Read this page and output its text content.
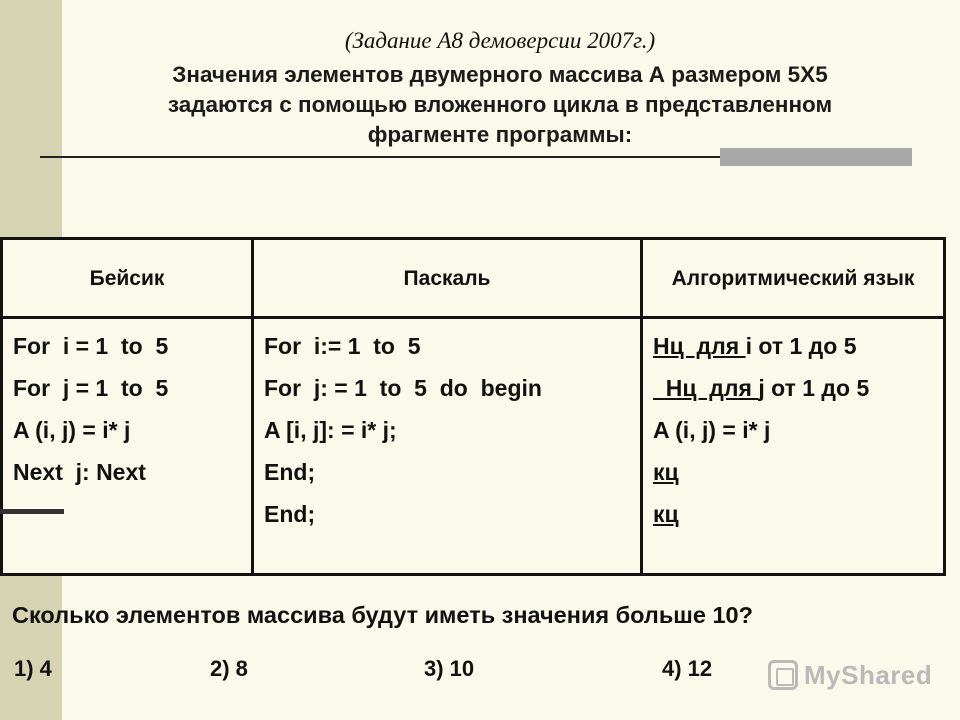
(Задание А8 демоверсии 2007г.)

Значения элементов двумерного массива А размером 5Х5

задаются с помощью вложенного цикла в представленном

фрагменте программы:

Бейсик	Паскаль	Алгоритмический язык

For  i = 1  to  5
For  j = 1  to  5
A (i, j) = i* j
Next  j: Next	For  i:= 1  to  5
For  j: = 1  to  5  do  begin
A [i, j]: = i* j;
End;
End;	Нц  для i от 1 до 5
Нц  для j от 1 до 5
A (i, j) = i* j
кц
кц
Сколько элементов массива будут иметь значения больше 10?
1) 4	2) 8	3) 10	4) 12	MyShared
